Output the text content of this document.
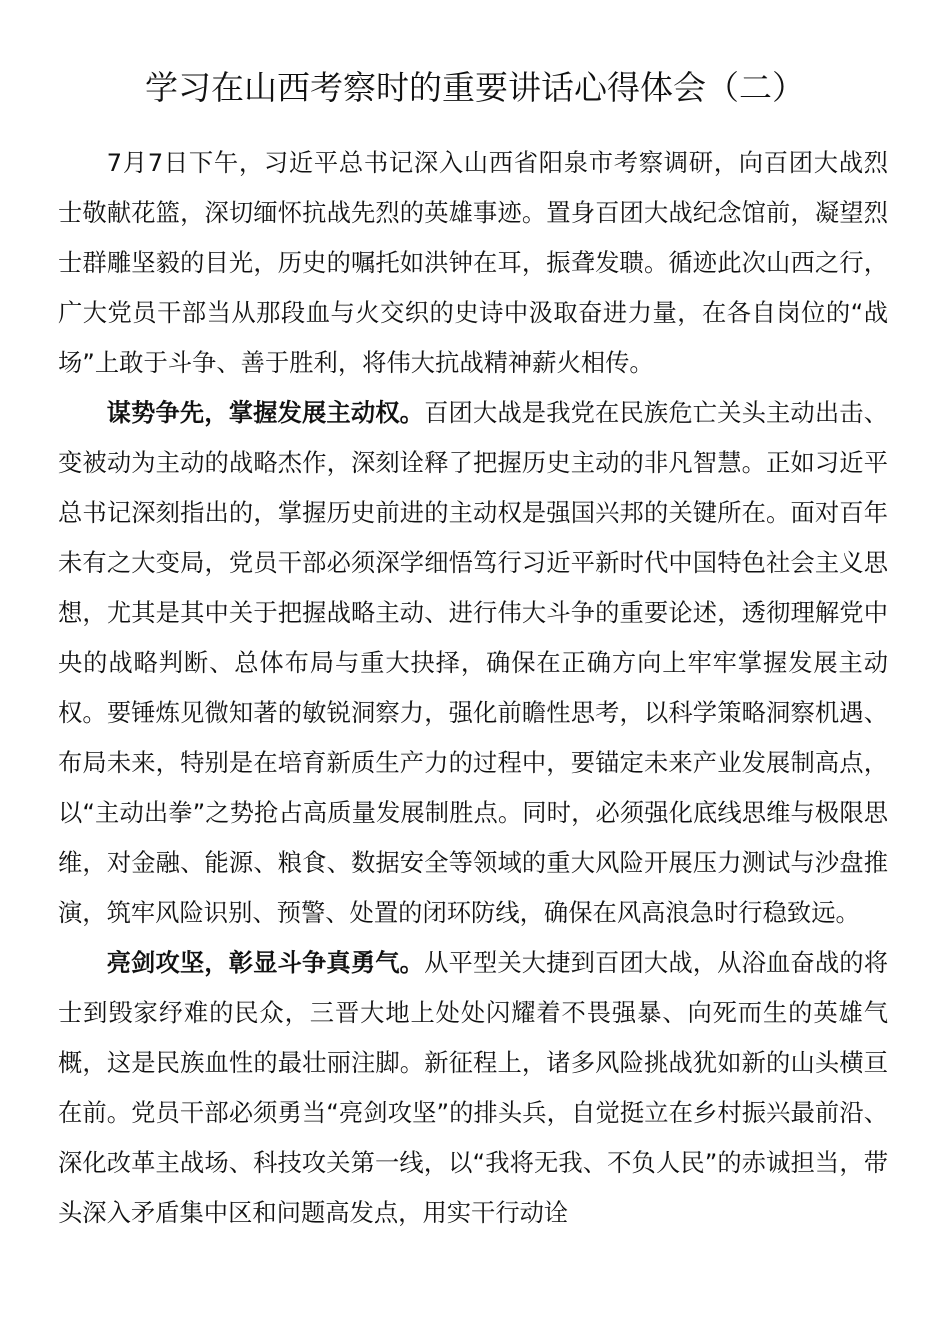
学习在山西考察时的重要讲话心得体会（二）

7月7日下午，习近平总书记深入山西省阳泉市考察调研，向百团大战烈士敬献花篮，深切缅怀抗战先烈的英雄事迹。置身百团大战纪念馆前，凝望烈士群雕坚毅的目光，历史的嘱托如洪钟在耳，振聋发聩。循迹此次山西之行，广大党员干部当从那段血与火交织的史诗中汲取奋进力量，在各自岗位的“战场”上敢于斗争、善于胜利，将伟大抗战精神薪火相传。

谋势争先，掌握发展主动权。百团大战是我党在民族危亡关头主动出击、变被动为主动的战略杰作，深刻诠释了把握历史主动的非凡智慧。正如习近平总书记深刻指出的，掌握历史前进的主动权是强国兴邦的关键所在。面对百年未有之大变局，党员干部必须深学细悟笃行习近平新时代中国特色社会主义思想，尤其是其中关于把握战略主动、进行伟大斗争的重要论述，透彻理解党中央的战略判断、总体布局与重大抉择，确保在正确方向上牢牢掌握发展主动权。要锤炼见微知著的敏锐洞察力，强化前瞻性思考，以科学策略洞察机遇、布局未来，特别是在培育新质生产力的过程中，要锚定未来产业发展制高点，以“主动出拳”之势抢占高质量发展制胜点。同时，必须强化底线思维与极限思维，对金融、能源、粮食、数据安全等领域的重大风险开展压力测试与沙盘推演，筑牢风险识别、预警、处置的闭环防线，确保在风高浪急时行稳致远。

亮剑攻坚，彰显斗争真勇气。从平型关大捷到百团大战，从浴血奋战的将士到毁家纾难的民众，三晋大地上处处闪耀着不畏强暴、向死而生的英雄气概，这是民族血性的最壮丽注脚。新征程上，诸多风险挑战犹如新的山头横亘在前。党员干部必须勇当“亮剑攻坚”的排头兵，自觉挺立在乡村振兴最前沿、深化改革主战场、科技攻关第一线，以“我将无我、不负人民”的赤诚担当，带头深入矛盾集中区和问题高发点，用实干行动诠
